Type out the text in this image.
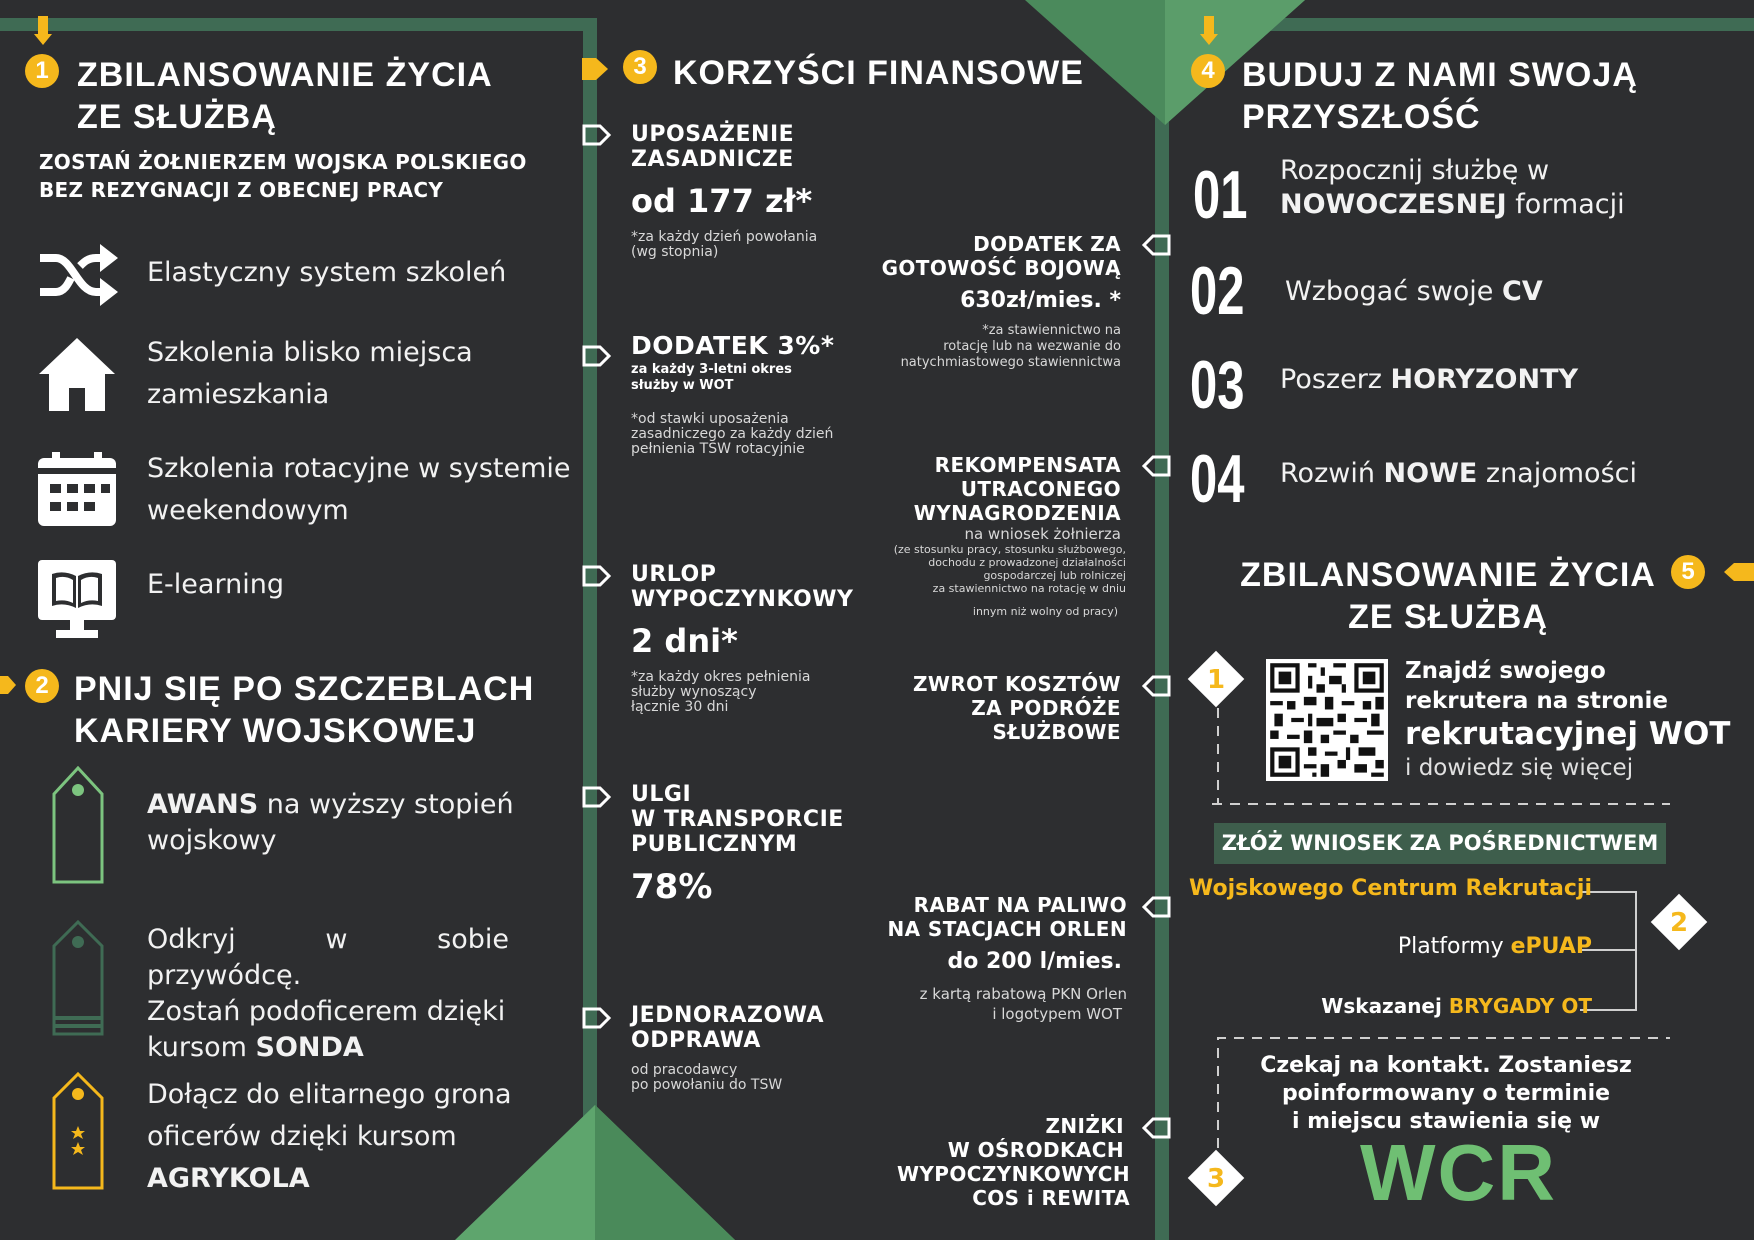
1 ZBILANSOWANIE ŻYCIA
ZE SŁUŻBĄ
ZOSTAŃ ŻOŁNIERZEM WOJSKA POLSKIEGO
BEZ REZYGNACJI Z OBECNEJ PRACY
Elastyczny system szkoleń
Szkolenia blisko miejsca
zamieszkania
Szkolenia rotacyjne w systemie
weekendowym
E-learning
2 PNIJ SIĘ PO SZCZEBLACH
KARIERY WOJSKOWEJ
AWANS na wyższy stopień
wojskowy
Odkryj w sobie przywódcę.
Zostań podoficerem dzięki
kursom SONDA
Dołącz do elitarnego grona
oficerów dzięki kursom
AGRYKOLA
3 KORZYŚCI FINANSOWE
UPOSAŻENIE
ZASADNICZE
od 177 zł*
*za każdy dzień powołania
(wg stopnia)
DODATEK 3%*
za każdy 3-letni okres
służby w WOT
*od stawki uposażenia
zasadniczego za każdy dzień
pełnienia TSW rotacyjnie
URLOP
WYPOCZYNKOWY
2 dni*
*za każdy okres pełnienia
służby wynoszący
łącznie 30 dni
ULGI
W TRANSPORCIE
PUBLICZNYM
78%
JEDNORAZOWA
ODPRAWA
od pracodawcy
po powołaniu do TSW
DODATEK ZA
GOTOWOŚĆ BOJOWĄ
630zł/mies. *
*za stawiennictwo na
rotację lub na wezwanie do
natychmiastowego stawiennictwa
REKOMPENSATA
UTRACONEGO
WYNAGRODZENIA
na wniosek żołnierza
(ze stosunku pracy, stosunku służbowego,
dochodu z prowadzonej działalności
gospodarczej lub rolniczej
za stawiennictwo na rotację w dniu
innym niż wolny od pracy)
ZWROT KOSZTÓW
ZA PODRÓŻE
SŁUŻBOWE
RABAT NA PALIWO
NA STACJACH ORLEN
do 200 l/mies.
z kartą rabatową PKN Orlen
i logotypem WOT
ZNIŻKI
W OŚRODKACH
WYPOCZYNKOWYCH
COS i REWITA
4 BUDUJ Z NAMI SWOJĄ
PRZYSZŁOŚĆ
01 Rozpocznij służbę w
NOWOCZESNEJ formacji
02 Wzbogać swoje CV
03 Poszerz HORYZONTY
04 Rozwiń NOWE znajomości
ZBILANSOWANIE ŻYCIA
ZE SŁUŻBĄ
5
1	Znajdź swojego
rekrutera na stronie
rekrutacyjnej WOT
i dowiedz się więcej
ZŁÓŻ WNIOSEK ZA POŚREDNICTWEM
Wojskowego Centrum Rekrutacji
Platformy ePUAP
Wskazanej BRYGADY OT
2
Czekaj na kontakt. Zostaniesz
poinformowany o terminie
i miejscu stawienia się w
WCR
3
